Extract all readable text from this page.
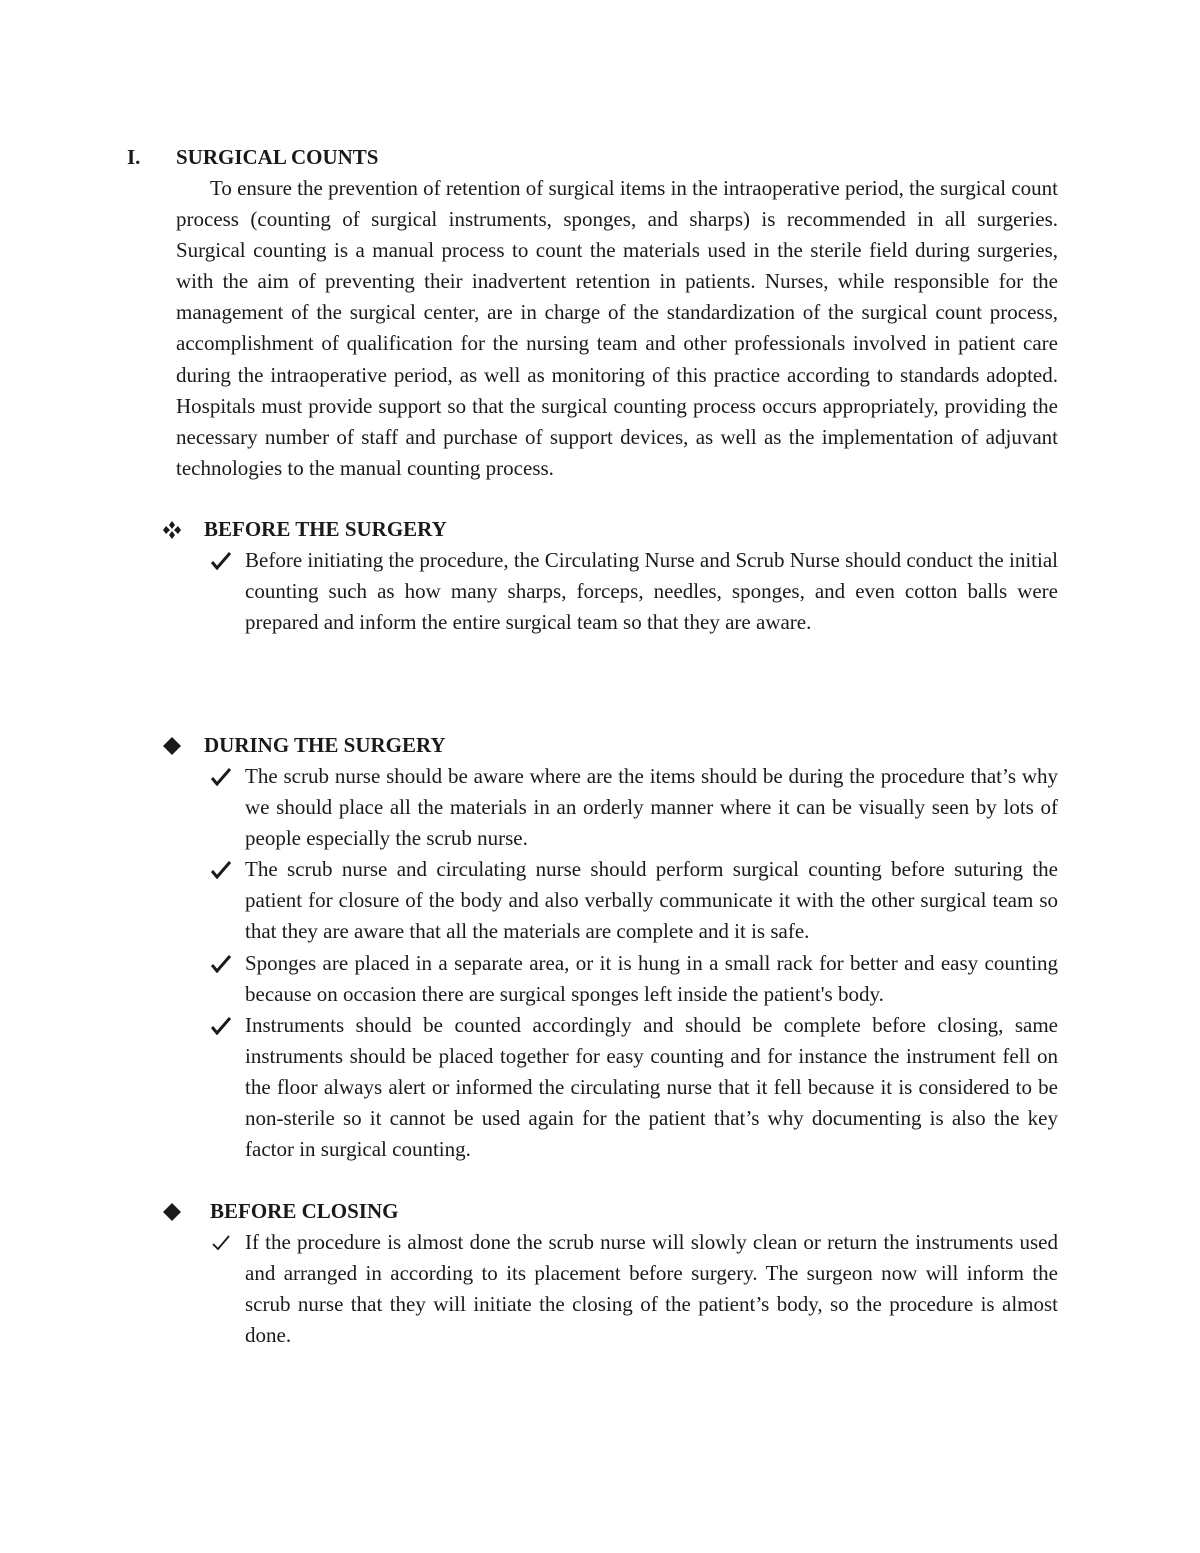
I. SURGICAL COUNTS

To ensure the prevention of retention of surgical items in the intraoperative period, the surgical count process (counting of surgical instruments, sponges, and sharps) is recommended in all surgeries. Surgical counting is a manual process to count the materials used in the sterile field during surgeries, with the aim of preventing their inadvertent retention in patients. Nurses, while responsible for the management of the surgical center, are in charge of the standardization of the surgical count process, accomplishment of qualification for the nursing team and other professionals involved in patient care during the intraoperative period, as well as monitoring of this practice according to standards adopted. Hospitals must provide support so that the surgical counting process occurs appropriately, providing the necessary number of staff and purchase of support devices, as well as the implementation of adjuvant technologies to the manual counting process.

BEFORE THE SURGERY
Before initiating the procedure, the Circulating Nurse and Scrub Nurse should conduct the initial counting such as how many sharps, forceps, needles, sponges, and even cotton balls were prepared and inform the entire surgical team so that they are aware.
DURING THE SURGERY
The scrub nurse should be aware where are the items should be during the procedure that’s why we should place all the materials in an orderly manner where it can be visually seen by lots of people especially the scrub nurse.
The scrub nurse and circulating nurse should perform surgical counting before suturing the patient for closure of the body and also verbally communicate it with the other surgical team so that they are aware that all the materials are complete and it is safe.
Sponges are placed in a separate area, or it is hung in a small rack for better and easy counting because on occasion there are surgical sponges left inside the patient's body.
Instruments should be counted accordingly and should be complete before closing, same instruments should be placed together for easy counting and for instance the instrument fell on the floor always alert or informed the circulating nurse that it fell because it is considered to be non-sterile so it cannot be used again for the patient that’s why documenting is also the key factor in surgical counting.
BEFORE CLOSING
If the procedure is almost done the scrub nurse will slowly clean or return the instruments used and arranged in according to its placement before surgery. The surgeon now will inform the scrub nurse that they will initiate the closing of the patient’s body, so the procedure is almost done.
